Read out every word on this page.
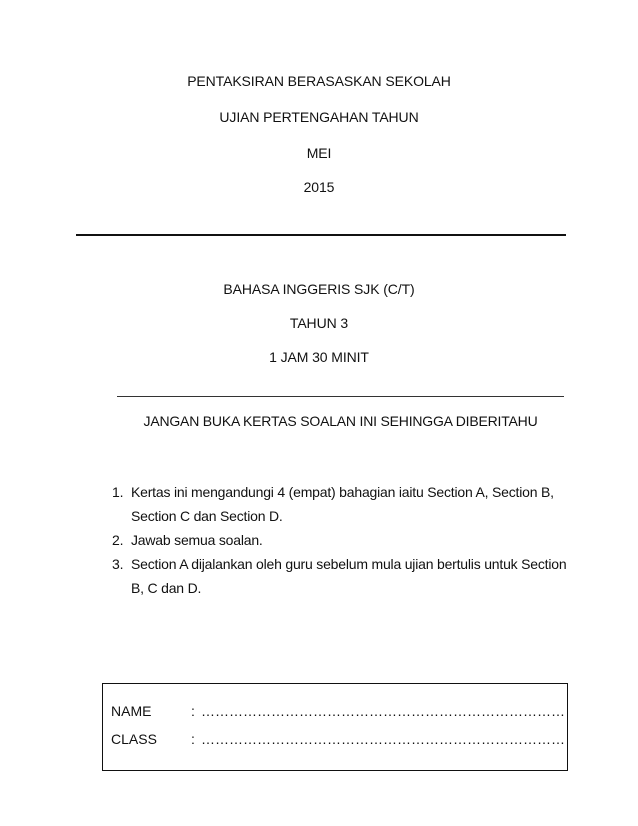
PENTAKSIRAN BERASASKAN SEKOLAH
UJIAN PERTENGAHAN TAHUN
MEI
2015
BAHASA INGGERIS SJK (C/T)
TAHUN 3
1 JAM 30 MINIT
JANGAN BUKA KERTAS SOALAN INI SEHINGGA DIBERITAHU
1. Kertas ini mengandungi 4 (empat) bahagian iaitu Section A, Section B, Section C dan Section D.
2. Jawab semua soalan.
3. Section A dijalankan oleh guru sebelum mula ujian bertulis untuk Section B, C dan D.
NAME	: ……………………………………………………………………
CLASS	: ……………………………………………………………………
